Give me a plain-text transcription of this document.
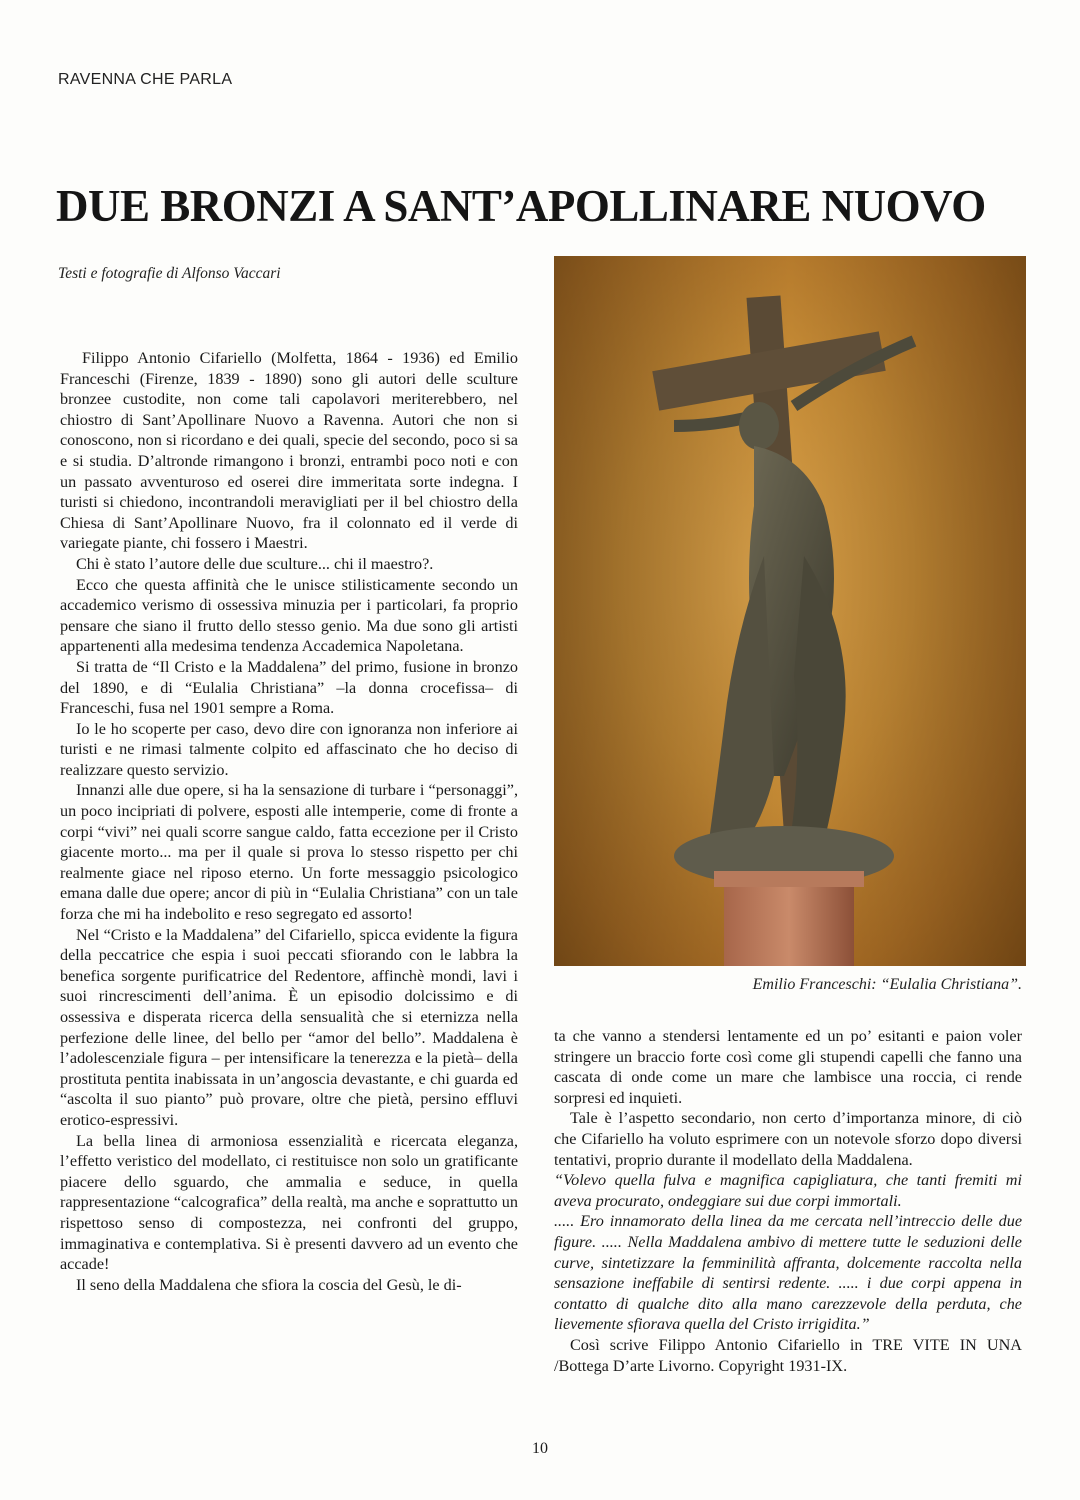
RAVENNA CHE PARLA
DUE BRONZI A SANT’APOLLINARE NUOVO
Testi e fotografie di Alfonso Vaccari

Filippo Antonio Cifariello (Molfetta, 1864 - 1936) ed Emilio Franceschi (Firenze, 1839 - 1890) sono gli autori delle sculture bronzee custodite, non come tali capolavori meriterebbero, nel chiostro di Sant’Apollinare Nuovo a Ravenna. Autori che non si conoscono, non si ricordano e dei quali, specie del secondo, poco si sa e si studia. D’altronde rimangono i bronzi, entrambi poco noti e con un passato avventuroso ed oserei dire immeritata sorte indegna. I turisti si chiedono, incontrandoli meravigliati per il bel chiostro della Chiesa di Sant’Apollinare Nuovo, fra il colonnato ed il verde di variegate piante, chi fossero i Maestri.

Chi è stato l’autore delle due sculture... chi il maestro?.

Ecco che questa affinità che le unisce stilisticamente secondo un accademico verismo di ossessiva minuzia per i particolari, fa proprio pensare che siano il frutto dello stesso genio. Ma due sono gli artisti appartenenti alla medesima tendenza Accademica Napoletana.

Si tratta de “Il Cristo e la Maddalena” del primo, fusione in bronzo del 1890, e di “Eulalia Christiana” –la donna crocefissa– di Franceschi, fusa nel 1901 sempre a Roma.

Io le ho scoperte per caso, devo dire con ignoranza non inferiore ai turisti e ne rimasi talmente colpito ed affascinato che ho deciso di realizzare questo servizio.

Innanzi alle due opere, si ha la sensazione di turbare i “personaggi”, un poco incipriati di polvere, esposti alle intemperie, come di fronte a corpi “vivi” nei quali scorre sangue caldo, fatta eccezione per il Cristo giacente morto... ma per il quale si prova lo stesso rispetto per chi realmente giace nel riposo eterno. Un forte messaggio psicologico emana dalle due opere; ancor di più in “Eulalia Christiana” con un tale forza che mi ha indebolito e reso segregato ed assorto!

Nel “Cristo e la Maddalena” del Cifariello, spicca evidente la figura della peccatrice che espia i suoi peccati sfiorando con le labbra la benefica sorgente purificatrice del Redentore, affinchè mondi, lavi i suoi rincrescimenti dell’anima. È un episodio dolcissimo e di ossessiva e disperata ricerca della sensualità che si eternizza nella perfezione delle linee, del bello per “amor del bello”. Maddalena è l’adolescenziale figura – per intensificare la tenerezza e la pietà– della prostituta pentita inabissata in un’angoscia devastante, e chi guarda ed “ascolta il suo pianto” può provare, oltre che pietà, persino effluvi erotico-espressivi.

La bella linea di armoniosa essenzialità e ricercata eleganza, l’effetto veristico del modellato, ci restituisce non solo un gratificante piacere dello sguardo, che ammalia e seduce, in quella rappresentazione “calcografica” della realtà, ma anche e soprattutto un rispettoso senso di compostezza, nei confronti del gruppo, immaginativa e contemplativa. Si è presenti davvero ad un evento che accade!

Il seno della Maddalena che sfiora la coscia del Gesù, le di-

Emilio Franceschi: “Eulalia Christiana”.

ta che vanno a stendersi lentamente ed un po’ esitanti e paion voler stringere un braccio forte così come gli stupendi capelli che fanno una cascata di onde come un mare che lambisce una roccia, ci rende sorpresi ed inquieti.

Tale è l’aspetto secondario, non certo d’importanza minore, di ciò che Cifariello ha voluto esprimere con un notevole sforzo dopo diversi tentativi, proprio durante il modellato della Maddalena.

“Volevo quella fulva e magnifica capigliatura, che tanti fremiti mi aveva procurato, ondeggiare sui due corpi immortali.

..... Ero innamorato della linea da me cercata nell’intreccio delle due figure. ..... Nella Maddalena ambivo di mettere tutte le seduzioni delle curve, sintetizzare la femminilità affranta, dolcemente raccolta nella sensazione ineffabile di sentirsi redente. ..... i due corpi appena in contatto di qualche dito alla mano carezzevole della perduta, che lievemente sfiorava quella del Cristo irrigidita.”

Così scrive Filippo Antonio Cifariello in TRE VITE IN UNA /Bottega D’arte Livorno. Copyright 1931-IX.

10
